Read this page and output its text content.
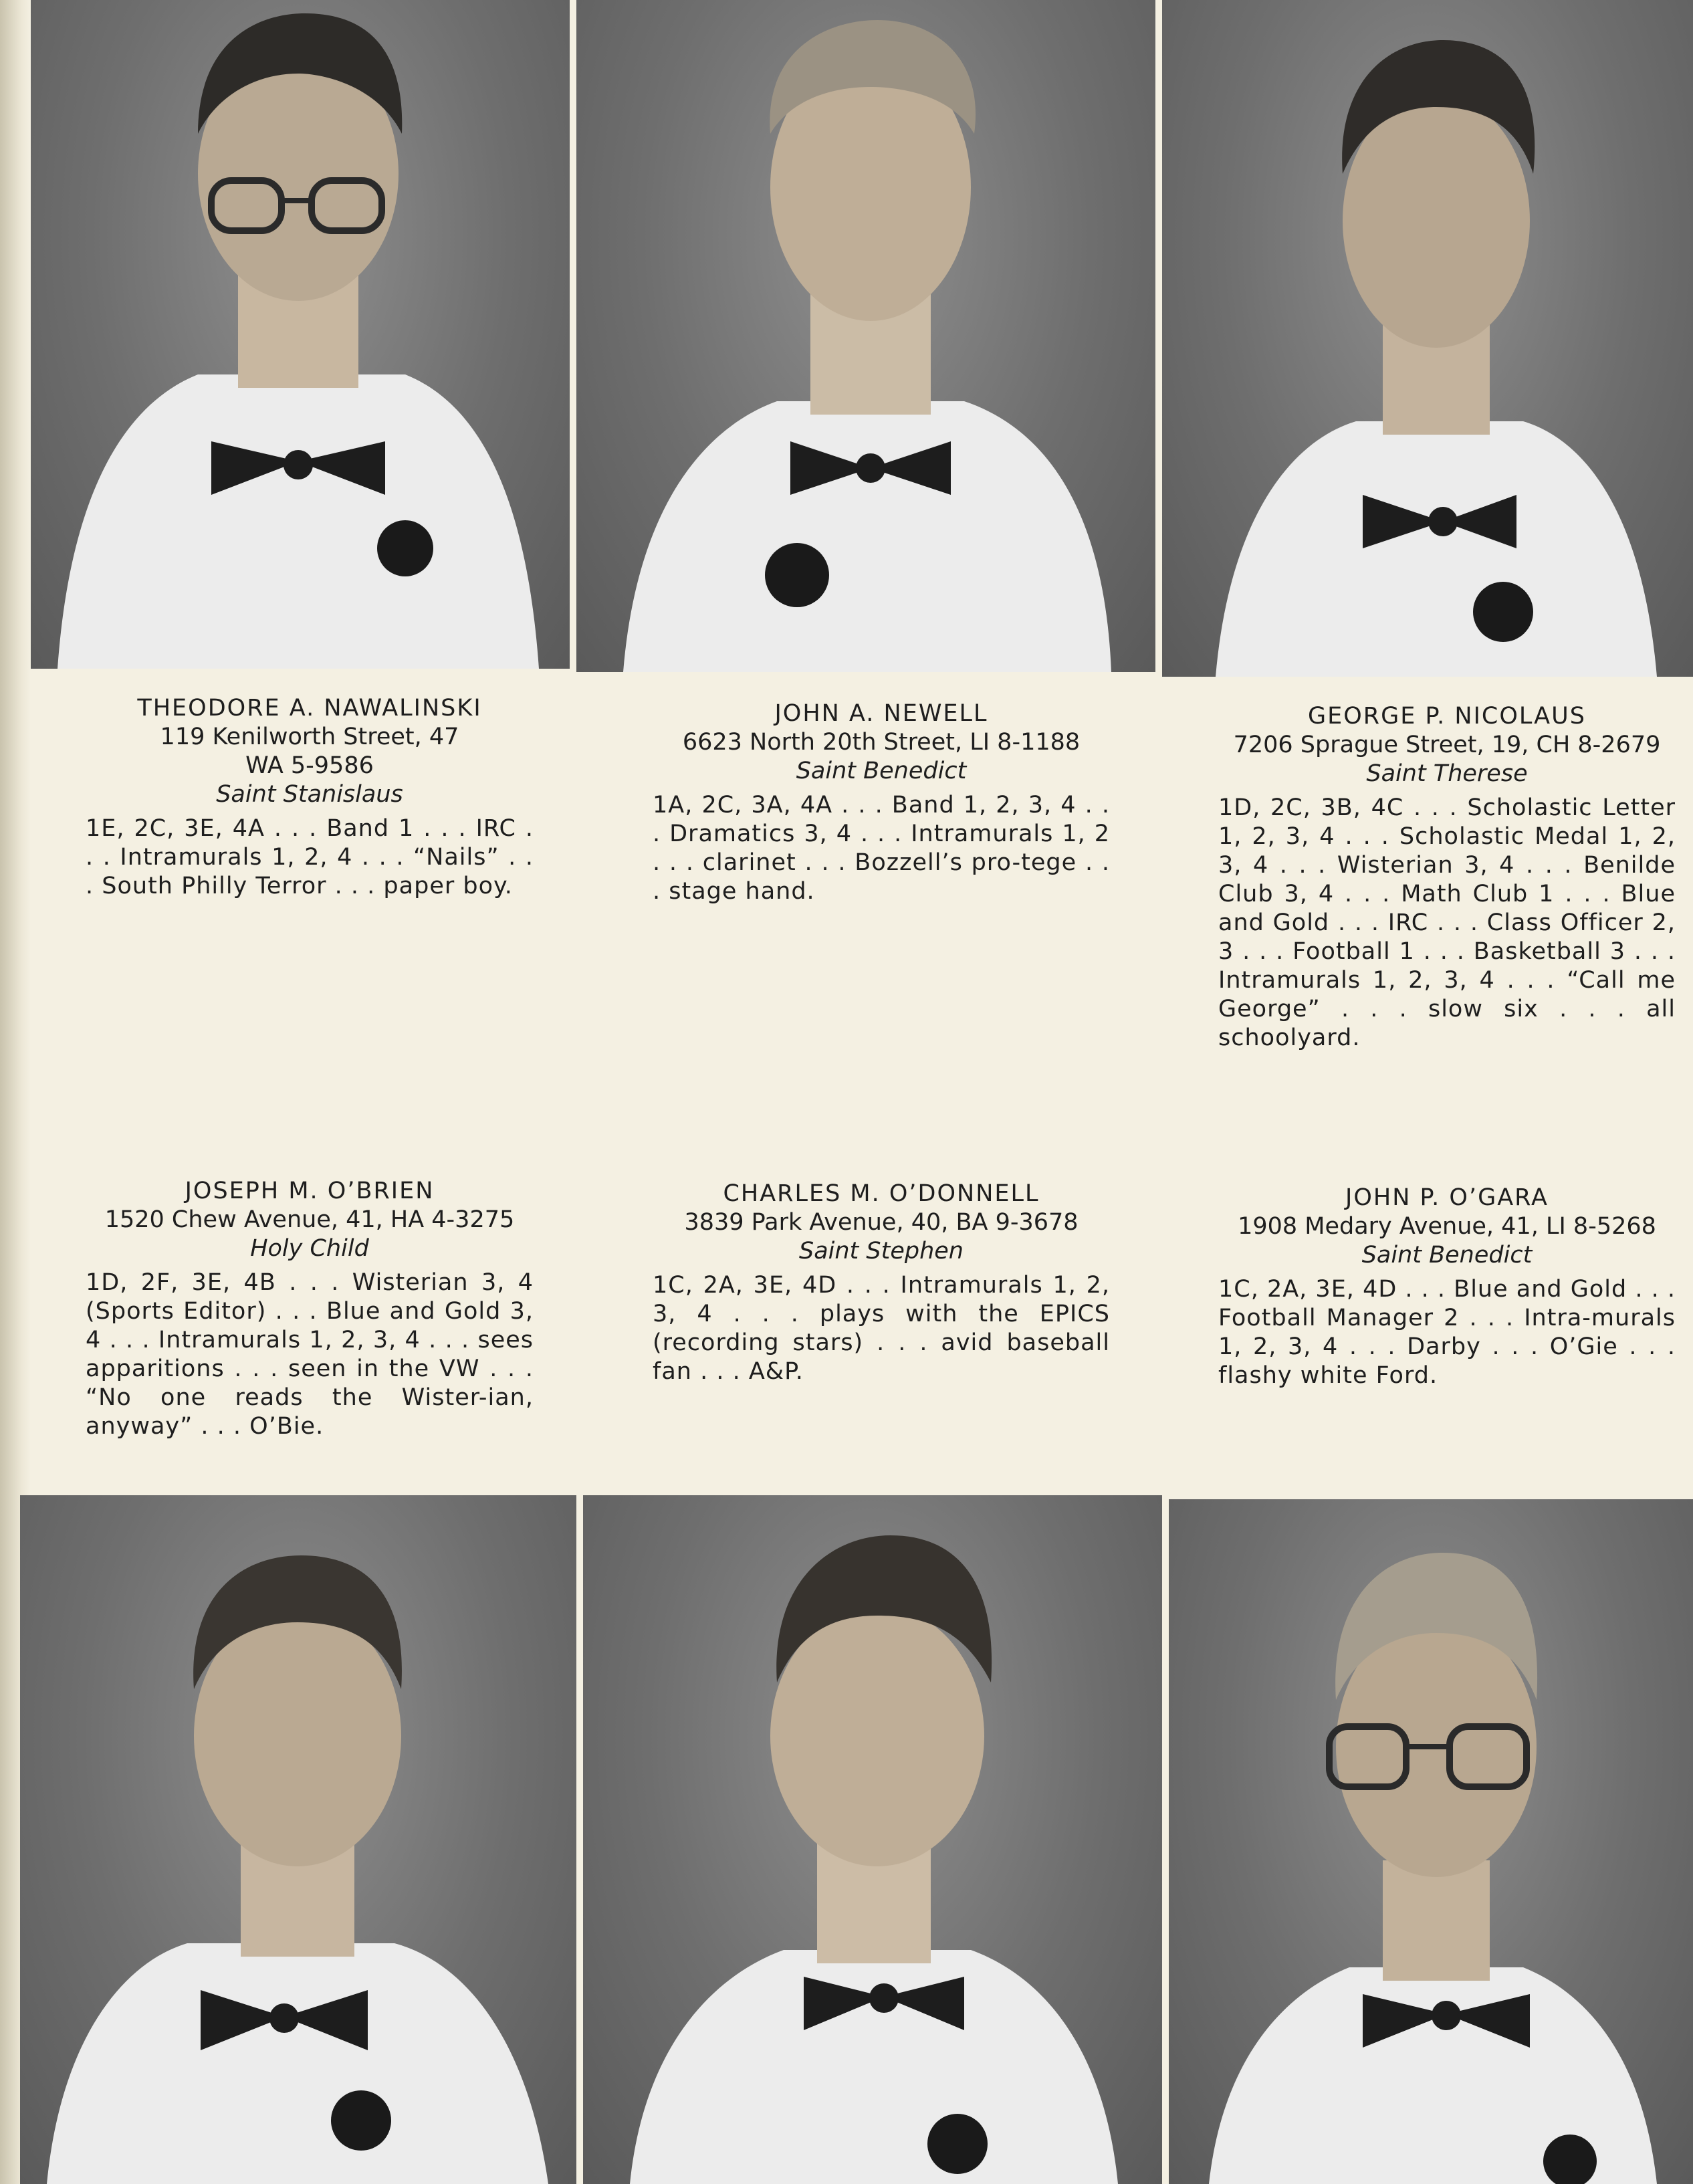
THEODORE A. NAWALINSKI
119 Kenilworth Street, 47
WA 5-9586
Saint Stanislaus
1E, 2C, 3E, 4A . . . Band 1 . . . IRC . . . Intramurals 1, 2, 4 . . . “Nails” . . . South Philly Terror . . . paper boy.
JOHN A. NEWELL
6623 North 20th Street, LI 8-1188
Saint Benedict
1A, 2C, 3A, 4A . . . Band 1, 2, 3, 4 . . . Dramatics 3, 4 . . . Intramurals 1, 2 . . . clarinet . . . Bozzell’s pro-tege . . . stage hand.
GEORGE P. NICOLAUS
7206 Sprague Street, 19, CH 8-2679
Saint Therese
1D, 2C, 3B, 4C . . . Scholastic Letter 1, 2, 3, 4 . . . Scholastic Medal 1, 2, 3, 4 . . . Wisterian 3, 4 . . . Benilde Club 3, 4 . . . Math Club 1 . . . Blue and Gold . . . IRC . . . Class Officer 2, 3 . . . Football 1 . . . Basketball 3 . . . Intramurals 1, 2, 3, 4 . . . “Call me George” . . . slow six . . . all schoolyard.
JOSEPH M. O’BRIEN
1520 Chew Avenue, 41, HA 4-3275
Holy Child
1D, 2F, 3E, 4B . . . Wisterian 3, 4 (Sports Editor) . . . Blue and Gold 3, 4 . . . Intramurals 1, 2, 3, 4 . . . sees apparitions . . . seen in the VW . . . “No one reads the Wister-ian, anyway” . . . O’Bie.
CHARLES M. O’DONNELL
3839 Park Avenue, 40, BA 9-3678
Saint Stephen
1C, 2A, 3E, 4D . . . Intramurals 1, 2, 3, 4 . . . plays with the EPICS (recording stars) . . . avid baseball fan . . . A&P.
JOHN P. O’GARA
1908 Medary Avenue, 41, LI 8-5268
Saint Benedict
1C, 2A, 3E, 4D . . . Blue and Gold . . . Football Manager 2 . . . Intra-murals 1, 2, 3, 4 . . . Darby . . . O’Gie . . . flashy white Ford.
